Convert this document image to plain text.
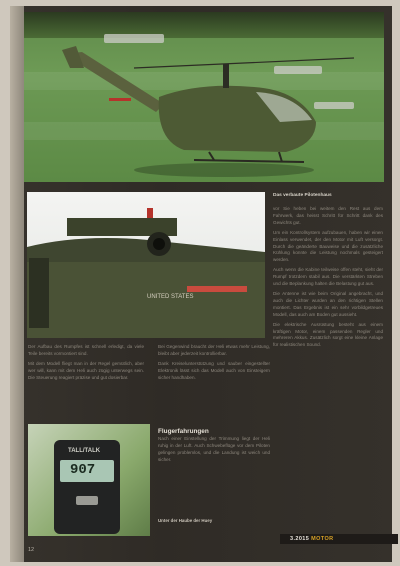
UNITED STATES
TALL/TALK
907
Das verbaute Pilotenhaus

vor Sie heben bei weitem den Rest aus dem Fahrwerk, das heisst Schritt für Schritt dank des Gewichts gut.

Um ein Kontrollsystem aufzubauen, haben wir einen Einlass verwendet, der den Motor mit Luft versorgt. Durch die geänderte Bauweise und die zusätzliche Kühlung konnte die Leistung nochmals gesteigert werden.

Auch wenn die Kabine teilweise offen steht, sieht der Rumpf trotzdem stabil aus. Die verstärkten Streben und die Beplankung halten die Belastung gut aus.

Die Antenne ist wie beim Original angebracht, und auch die Lichter wurden an den richtigen Stellen montiert. Das Ergebnis ist ein sehr vorbildgetreues Modell, das auch am Boden gut aussieht.

Die elektrische Ausrüstung besteht aus einem kräftigen Motor, einem passenden Regler und mehreren Akkus. Zusätzlich sorgt eine kleine Anlage für realistischen Sound.

Der Aufbau des Rumpfes ist schnell erledigt, da viele Teile bereits vormontiert sind.

Mit dem Modell fliegt man in der Regel gemütlich, aber wer will, kann mit dem Heli auch zügig unterwegs sein. Die Steuerung reagiert präzise und gut dosierbar.

Bei Gegenwind braucht der Heli etwas mehr Leistung, bleibt aber jederzeit kontrollierbar.

Dank Kreiselunterstützung und sauber eingestellter Elektronik lässt sich das Modell auch von Einsteigern sicher handhaben.

Flugerfahrungen

Nach einer Einstellung der Trimmung liegt der Heli ruhig in der Luft. Auch Schwebeflüge vor dem Piloten gelingen problemlos, und die Landung ist weich und sicher.

Unter der Haube der Huey
12
3.2015 MOTOR
